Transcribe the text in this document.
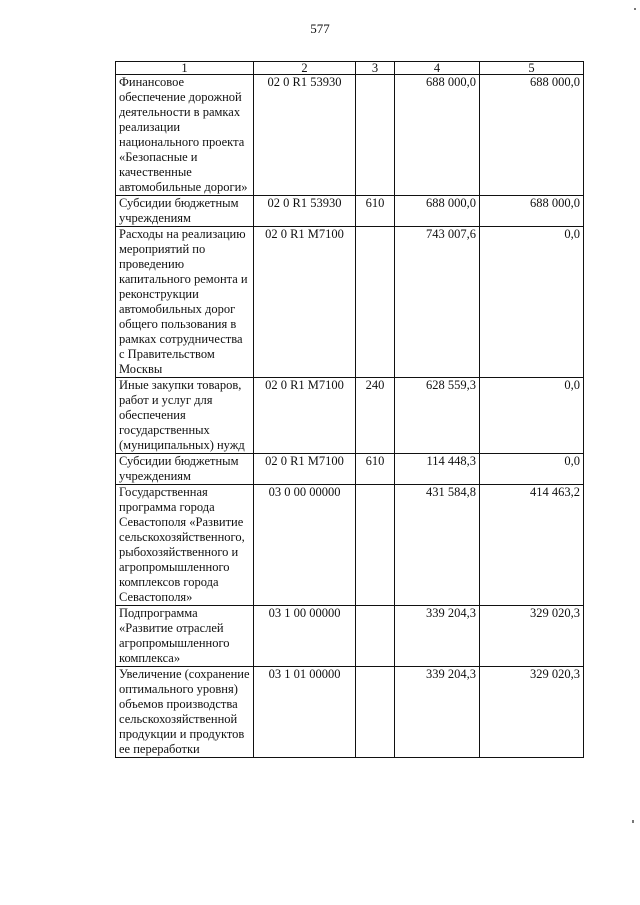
577
1	2	3	4	5
Финансовое обеспечение дорожной деятельности в рамках реализации национального проекта «Безопасные и качественные автомобильные дороги»	02 0 R1 53930		688 000,0	688 000,0
Субсидии бюджетным учреждениям	02 0 R1 53930	610	688 000,0	688 000,0
Расходы на реализацию мероприятий по проведению капитального ремонта и реконструкции автомобильных дорог общего пользования в рамках сотрудничества с Правительством Москвы	02 0 R1 M7100		743 007,6	0,0
Иные закупки товаров, работ и услуг для обеспечения государственных (муниципальных) нужд	02 0 R1 M7100	240	628 559,3	0,0
Субсидии бюджетным учреждениям	02 0 R1 M7100	610	114 448,3	0,0
Государственная программа города Севастополя «Развитие сельскохозяйственного, рыбохозяйственного и агропромышленного комплексов города Севастополя»	03 0 00 00000		431 584,8	414 463,2
Подпрограмма «Развитие отраслей агропромышленного комплекса»	03 1 00 00000		339 204,3	329 020,3
Увеличение (сохранение оптимального уровня) объемов производства сельскохозяйственной продукции и продуктов ее переработки	03 1 01 00000		339 204,3	329 020,3
